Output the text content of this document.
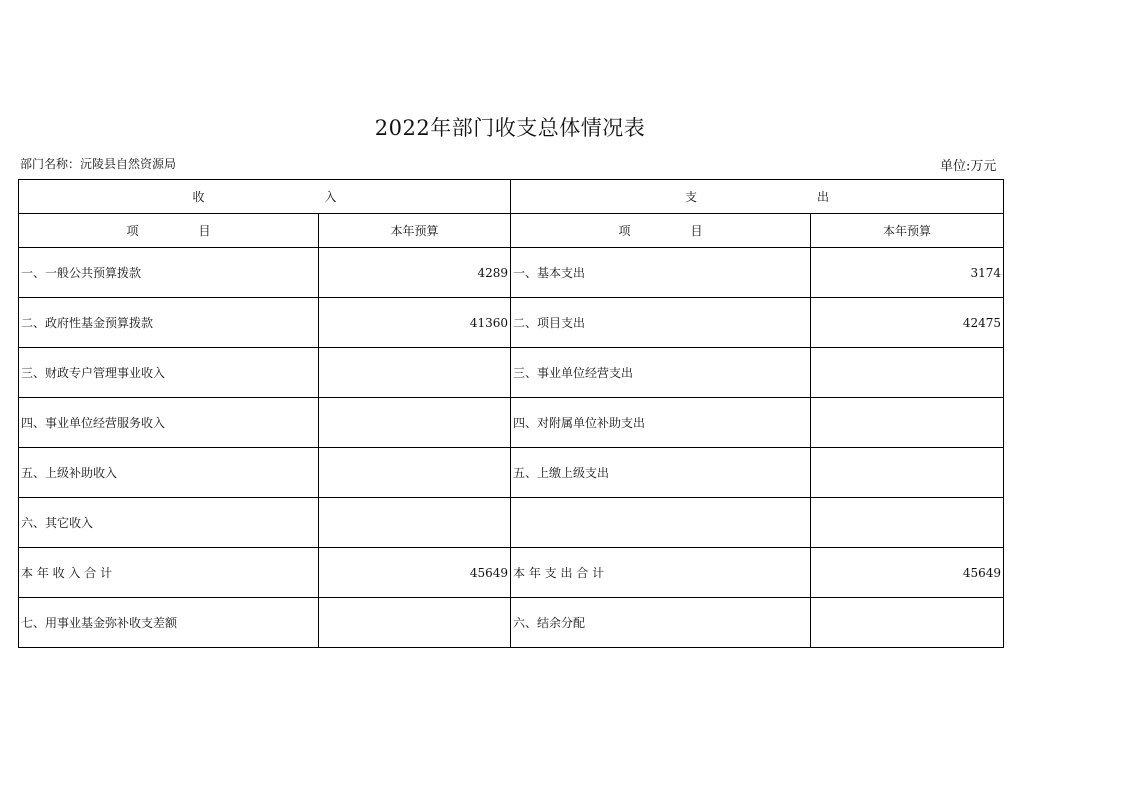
2022年部门收支总体情况表
部门名称：沅陵县自然资源局	单位:万元
收 入		支 出	
项 目	本年预算	项 目	本年预算
一、一般公共预算拨款	4289	一、基本支出	3174
二、政府性基金预算拨款	41360	二、项目支出	42475
三、财政专户管理事业收入		三、事业单位经营支出	
四、事业单位经营服务收入		四、对附属单位补助支出	
五、上级补助收入		五、上缴上级支出	
六、其它收入			
本 年 收 入 合 计	45649	本 年 支 出 合 计	45649
七、用事业基金弥补收支差额		六、结余分配	
